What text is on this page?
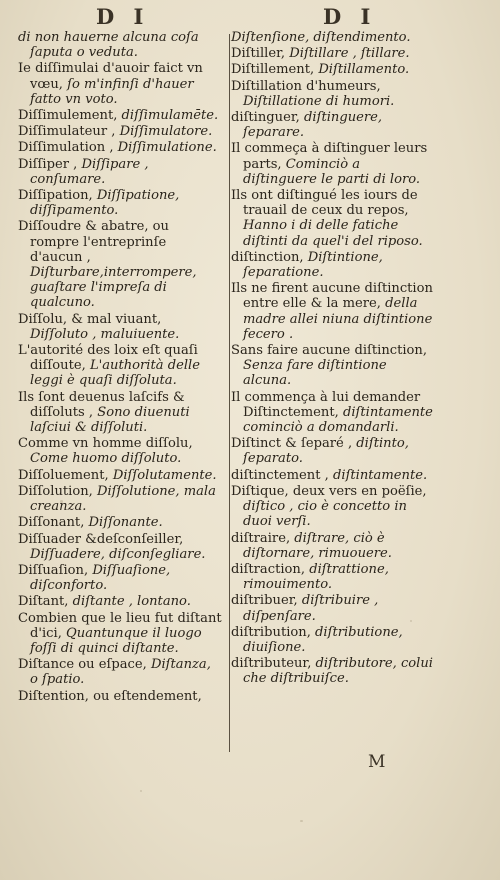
D I	D I

di non hauerne alcuna coſa ſaputa o veduta.

Ie diſſimulai d'auoir faict vn vœu, ſo m'infinſi d'hauer fatto vn voto.

Diſſimulement, diſſimulamēte.

Diſſimulateur , Diſſimulatore.

Diſſimulation , Diſſimulatione.

Diſſiper , Diſſipare , conſumare.

Diſſipation, Diſſipatione, diſſipamento.

Diſſoudre & abatre, ou rompre l'entreprinſe d'aucun , Diſturbare,interrompere, guaſtare l'impreſa di qualcuno.

Diſſolu, & mal viuant, Diſſoluto , maluiuente.

L'autorité des loix eſt quaſi diſſoute, L'authorità delle leggi è quaſi diſſoluta.

Ils ſont deuenus laſcifs & diſſoluts , Sono diuenuti laſciui & diſſoluti.

Comme vn homme diſſolu, Come huomo diſſoluto.

Diſſoluement, Diſſolutamente.

Diſſolution, Diſſolutione, mala creanza.

Diſſonant, Diſſonante.

Diſſuader &deſconſeiller, Diſſuadere, diſconſegliare.

Diſſuaſion, Diſſuaſione, diſconforto.

Diſtant, diſtante , lontano.

Combien que le lieu fut diſtant d'ici, Quantunque il luogo foſſi di quinci diſtante.

Diſtance ou eſpace, Diſtanza, o ſpatio.

Diſtention, ou eſtendement,

Diſtenſione, diſtendimento.

Diſtiller, Diſtillare , ſtillare.

Diſtillement, Diſtillamento.

Diſtillation d'humeurs, Diſtillatione di humori.

diſtinguer, diſtinguere, ſeparare.

Il commeça à diſtinguer leurs parts, Cominciò a diſtinguere le parti di loro.

Ils ont diſtingué les iours de trauail de ceux du repos, Hanno i di delle fatiche diſtinti da quel'i del riposo.

diſtinction, Diſtintione, ſeparatione.

Ils ne firent aucune diſtinction entre elle & la mere, della madre allei niuna diſtintione fecero .

Sans faire aucune diſtinction, Senza fare diſtintione alcuna.

Il commença à lui demander Diſtinctement, diſtintamente cominciò a domandarli.

Diſtinct & ſeparé , diſtinto, ſeparato.

diſtinctement , diſtintamente.

Diſtique, deux vers en poëſie, diſtico , cio è concetto in duoi verſi.

diſtraire, diſtrare, ciò è diſtornare, rimuouere.

diſtraction, diſtrattione, rimouimento.

diſtribuer, diſtribuire , diſpenſare.

diſtribution, diſtributione, diuiſione.

diſtributeur, diſtributore, colui che diſtribuiſce.

M
